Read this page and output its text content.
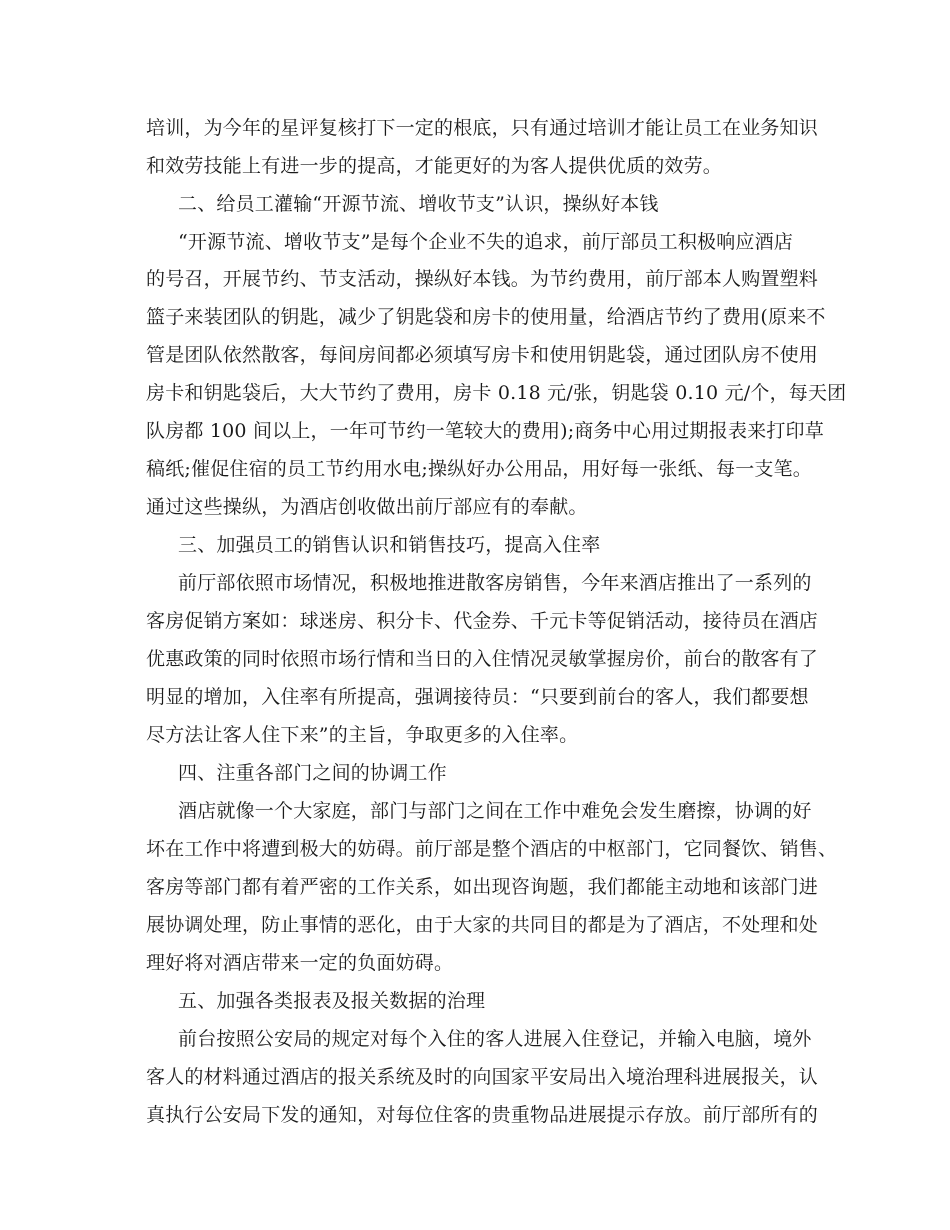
培训，为今年的星评复核打下一定的根底，只有通过培训才能让员工在业务知识
和效劳技能上有进一步的提高，才能更好的为客人提供优质的效劳。
二、给员工灌输“开源节流、增收节支”认识，操纵好本钱
“开源节流、增收节支”是每个企业不失的追求，前厅部员工积极响应酒店
的号召，开展节约、节支活动，操纵好本钱。为节约费用，前厅部本人购置塑料
篮子来装团队的钥匙，减少了钥匙袋和房卡的使用量，给酒店节约了费用(原来不
管是团队依然散客，每间房间都必须填写房卡和使用钥匙袋，通过团队房不使用
房卡和钥匙袋后，大大节约了费用，房卡 0.18 元/张，钥匙袋 0.10 元/个，每天团
队房都 100 间以上，一年可节约一笔较大的费用);商务中心用过期报表来打印草
稿纸;催促住宿的员工节约用水电;操纵好办公用品，用好每一张纸、每一支笔。
通过这些操纵，为酒店创收做出前厅部应有的奉献。
三、加强员工的销售认识和销售技巧，提高入住率
前厅部依照市场情况，积极地推进散客房销售，今年来酒店推出了一系列的
客房促销方案如：球迷房、积分卡、代金券、千元卡等促销活动，接待员在酒店
优惠政策的同时依照市场行情和当日的入住情况灵敏掌握房价，前台的散客有了
明显的增加，入住率有所提高，强调接待员：“只要到前台的客人，我们都要想
尽方法让客人住下来”的主旨，争取更多的入住率。
四、注重各部门之间的协调工作
酒店就像一个大家庭，部门与部门之间在工作中难免会发生磨擦，协调的好
坏在工作中将遭到极大的妨碍。前厅部是整个酒店的中枢部门，它同餐饮、销售、
客房等部门都有着严密的工作关系，如出现咨询题，我们都能主动地和该部门进
展协调处理，防止事情的恶化，由于大家的共同目的都是为了酒店，不处理和处
理好将对酒店带来一定的负面妨碍。
五、加强各类报表及报关数据的治理
前台按照公安局的规定对每个入住的客人进展入住登记，并输入电脑，境外
客人的材料通过酒店的报关系统及时的向国家平安局出入境治理科进展报关，认
真执行公安局下发的通知，对每位住客的贵重物品进展提示存放。前厅部所有的
